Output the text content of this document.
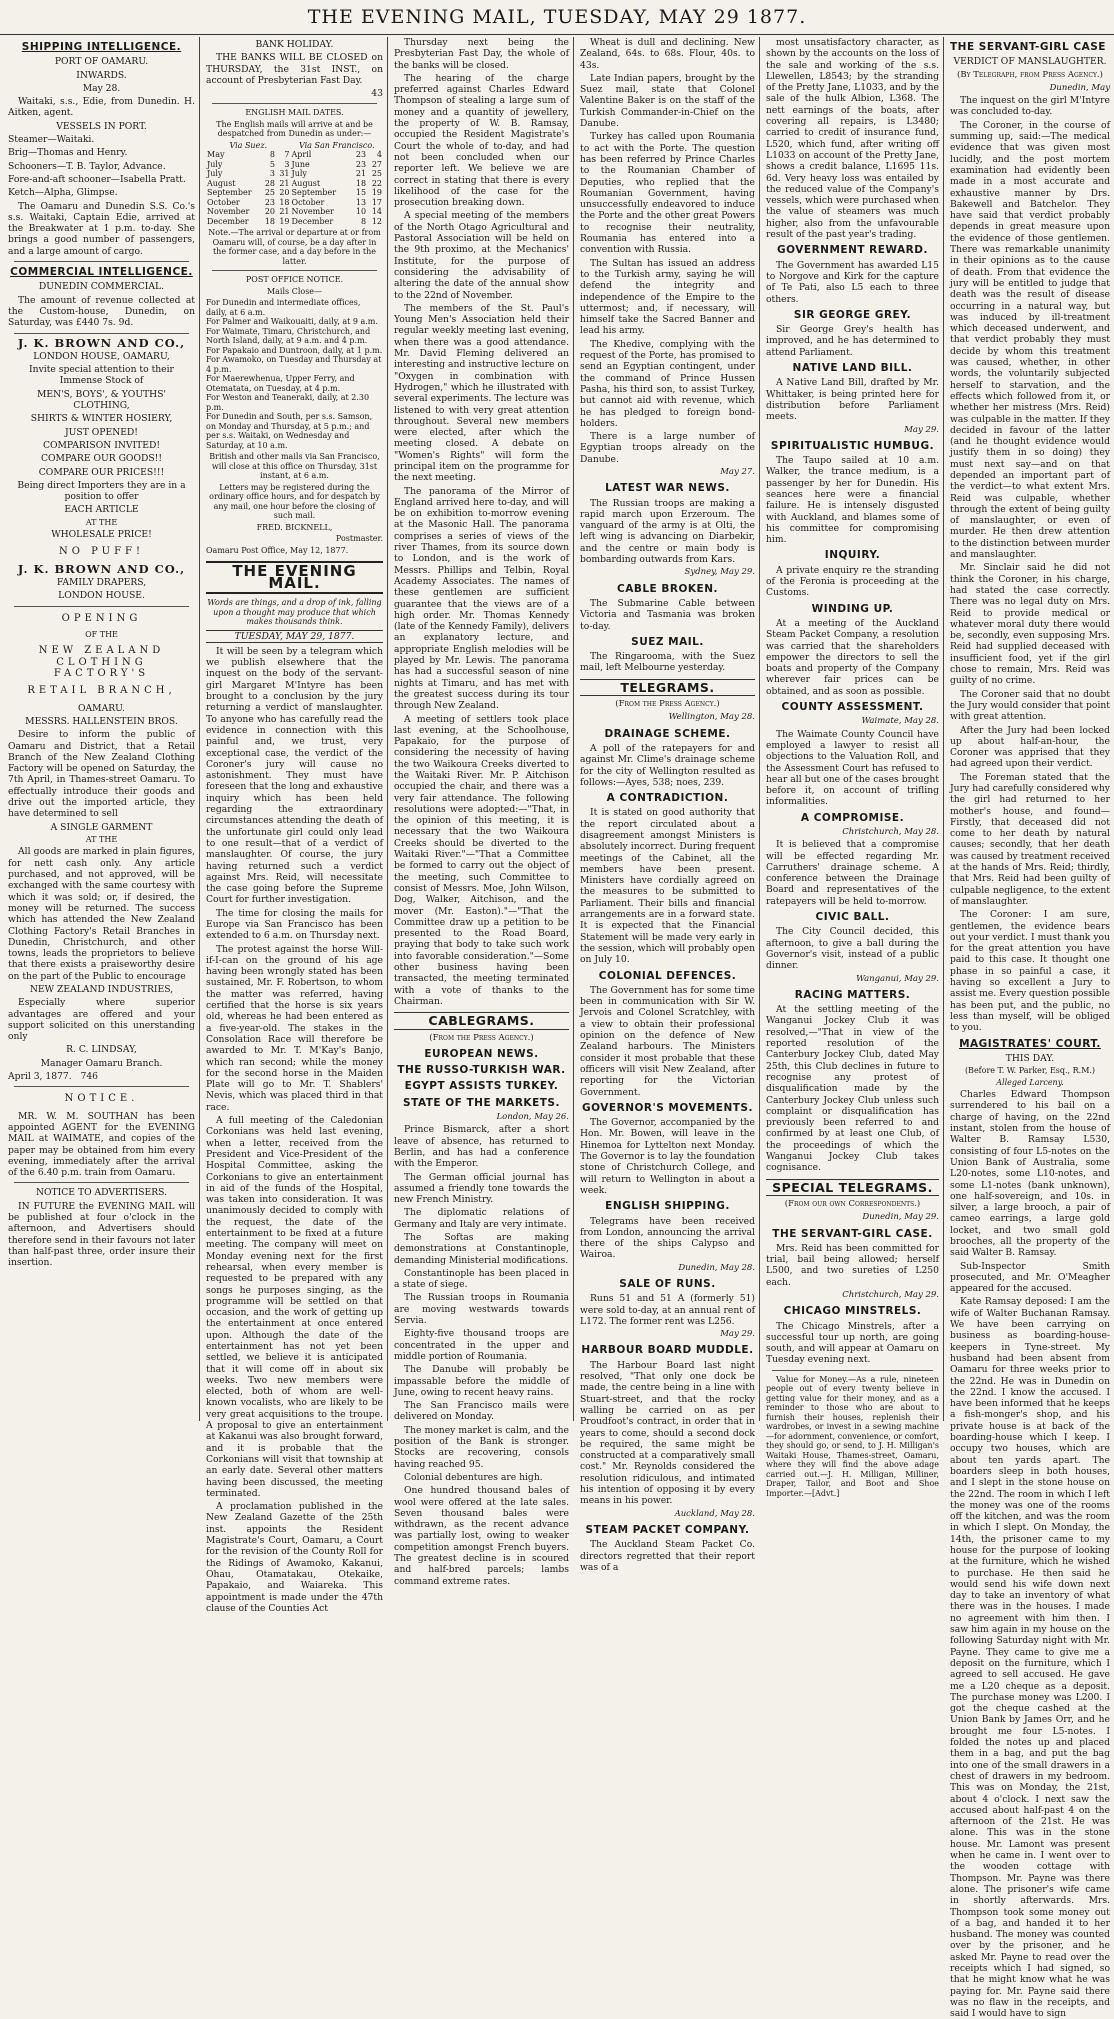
THE EVENING MAIL, TUESDAY, MAY 29 1877.
SHIPPING INTELLIGENCE.
PORT OF OAMARU.
INWARDS.
May 28.

Waitaki, s.s., Edie, from Dunedin. H. Aitken, agent.

VESSELS IN PORT.
Steamer—Waitaki.
Brig—Thomas and Henry.
Schooners—T. B. Taylor, Advance.
Fore-and-aft schooner—Isabella Pratt.
Ketch—Alpha, Glimpse.

The Oamaru and Dunedin S.S. Co.'s s.s. Waitaki, Captain Edie, arrived at the Breakwater at 1 p.m. to-day. She brings a good number of passengers, and a large amount of cargo.

COMMERCIAL INTELLIGENCE.
DUNEDIN COMMERCIAL.

The amount of revenue collected at the Custom-house, Dunedin, on Saturday, was £440 7s. 9d.

J. K. BROWN AND CO.,
LONDON HOUSE, OAMARU,
Invite special attention to their Immense Stock of
MEN'S, BOYS', & YOUTHS' CLOTHING,
SHIRTS & WINTER HOSIERY,
JUST OPENED!
COMPARISON INVITED!
COMPARE OUR GOODS!!
COMPARE OUR PRICES!!!
Being direct Importers they are in a position to offer
EACH ARTICLE
AT THE
WHOLESALE PRICE!
NO PUFF!
J. K. BROWN AND CO.,
FAMILY DRAPERS,
LONDON HOUSE.
OPENING
OF THE
NEW ZEALAND CLOTHING FACTORY'S
RETAIL BRANCH,
OAMARU.
MESSRS. HALLENSTEIN BROS.

Desire to inform the public of Oamaru and District, that a Retail Branch of the New Zealand Clothing Factory will be opened on Saturday, the 7th April, in Thames-street Oamaru. To effectually introduce their goods and drive out the imported article, they have determined to sell

A SINGLE GARMENT
AT THE

All goods are marked in plain figures, for nett cash only. Any article purchased, and not approved, will be exchanged with the same courtesy with which it was sold; or, if desired, the money will be returned. The success which has attended the New Zealand Clothing Factory's Retail Branches in Dunedin, Christchurch, and other towns, leads the proprietors to believe that there exists a praiseworthy desire on the part of the Public to encourage

NEW ZEALAND INDUSTRIES,

Especially where superior advantages are offered and your support solicited on this unerstanding only

R. C. LINDSAY,
Manager Oamaru Branch.
April 3, 1877. 746
NOTICE.

MR. W. M. SOUTHAN has been appointed AGENT for the EVENING MAIL at WAIMATE, and copies of the paper may be obtained from him every evening, immediately after the arrival of the 6.40 p.m. train from Oamaru.

NOTICE TO ADVERTISERS.

IN FUTURE the EVENING MAIL will be published at four o'clock in the afternoon, and Advertisers should therefore send in their favours not later than half-past three, order insure their insertion.

BANK HOLIDAY.

THE BANKS WILL BE CLOSED on THURSDAY, the 31st INST., on account of Presbyterian Fast Day.

43
ENGLISH MAIL DATES.
The English mails will arrive at and be despatched from Dunedin as under:—
Via Suez.			Via San Francisco.		
May	8	7	April	23	4
July	5	3	June	23	27
July	3	31	July	21	25
August	28	21	August	18	22
September	25	20	September	15	19
October	23	18	October	13	17
November	20	21	November	10	14
December	18	19	December	8	12
Note.—The arrival or departure at or from Oamaru will, of course, be a day after in the former case, and a day before in the latter.
POST OFFICE NOTICE.
Mails Close—
For Dunedin and intermediate offices, daily, at 6 a.m.
For Palmer and Waikouaiti, daily, at 9 a.m.
For Waimate, Timaru, Christchurch, and North Island, daily, at 9 a.m. and 4 p.m.
For Papakaio and Duntroon, daily, at 1 p.m.
For Awamoko, on Tuesday and Thursday at 4 p.m.
For Maerewhenua, Upper Ferry, and Otematata, on Tuesday, at 4 p.m.
For Weston and Teaneraki, daily, at 2.30 p.m.
For Dunedin and South, per s.s. Samson, on Monday and Thursday, at 5 p.m.; and per s.s. Waitaki, on Wednesday and Saturday, at 10 a.m.
British and other mails via San Francisco, will close at this office on Thursday, 31st instant, at 6 a.m.
Letters may be registered during the ordinary office hours, and for despatch by any mail, one hour before the closing of such mail.
FRED. BICKNELL,
Postmaster.
Oamaru Post Office, May 12, 1877.
THE EVENING MAIL.
Words are things, and a drop of ink, falling upon a thought may produce that which makes thousands think.
TUESDAY, MAY 29, 1877.

It will be seen by a telegram which we publish elsewhere that the inquest on the body of the servant-girl Margaret M'Intyre has been brought to a conclusion by the jury returning a verdict of manslaughter. To anyone who has carefully read the evidence in connection with this painful and, we trust, very exceptional case, the verdict of the Coroner's jury will cause no astonishment. They must have foreseen that the long and exhaustive inquiry which has been held regarding the extraordinary circumstances attending the death of the unfortunate girl could only lead to one result—that of a verdict of manslaughter. Of course, the jury having returned such a verdict against Mrs. Reid, will necessitate the case going before the Supreme Court for further investigation.

The time for closing the mails for Europe via San Francisco has been extended to 6 a.m. on Thursday next.

The protest against the horse Will-if-I-can on the ground of his age having been wrongly stated has been sustained, Mr. F. Robertson, to whom the matter was referred, having certified that the horse is six years old, whereas he had been entered as a five-year-old. The stakes in the Consolation Race will therefore be awarded to Mr. T. M'Kay's Banjo, which ran second; while the money for the second horse in the Maiden Plate will go to Mr. T. Shablers' Nevis, which was placed third in that race.

A full meeting of the Caledonian Corkonians was held last evening, when a letter, received from the President and Vice-President of the Hospital Committee, asking the Corkonians to give an entertainment in aid of the funds of the Hospital, was taken into consideration. It was unanimously decided to comply with the request, the date of the entertainment to be fixed at a future meeting. The company will meet on Monday evening next for the first rehearsal, when every member is requested to be prepared with any songs he purposes singing, as the programme will be settled on that occasion, and the work of getting up the entertainment at once entered upon. Although the date of the entertainment has not yet been settled, we believe it is anticipated that it will come off in about six weeks. Two new members were elected, both of whom are well-known vocalists, who are likely to be very great acquisitions to the troupe. A proposal to give an entertainment at Kakanui was also brought forward, and it is probable that the Corkonians will visit that township at an early date. Several other matters having been discussed, the meeting terminated.

A proclamation published in the New Zealand Gazette of the 25th inst. appoints the Resident Magistrate's Court, Oamaru, a Court for the revision of the County Roll for the Ridings of Awamoko, Kakanui, Ohau, Otamatakau, Otekaike, Papakaio, and Waiareka. This appointment is made under the 47th clause of the Counties Act

Thursday next being the Presbyterian Fast Day, the whole of the banks will be closed.

The hearing of the charge preferred against Charles Edward Thompson of stealing a large sum of money and a quantity of jewellery, the property of W. B. Ramsay, occupied the Resident Magistrate's Court the whole of to-day, and had not been concluded when our reporter left. We believe we are correct in stating that there is every likelihood of the case for the prosecution breaking down.

A special meeting of the members of the North Otago Agricultural and Pastoral Association will be held on the 9th proximo, at the Mechanics' Institute, for the purpose of considering the advisability of altering the date of the annual show to the 22nd of November.

The members of the St. Paul's Young Men's Association held their regular weekly meeting last evening, when there was a good attendance. Mr. David Fleming delivered an interesting and instructive lecture on "Oxygen in combination with Hydrogen," which he illustrated with several experiments. The lecture was listened to with very great attention throughout. Several new members were elected, after which the meeting closed. A debate on "Women's Rights" will form the principal item on the programme for the next meeting.

The panorama of the Mirror of England arrived here to-day, and will be on exhibition to-morrow evening at the Masonic Hall. The panorama comprises a series of views of the river Thames, from its source down to London, and is the work of Messrs. Phillips and Telbin, Royal Academy Associates. The names of these gentlemen are sufficient guarantee that the views are of a high order. Mr. Thomas Kennedy (late of the Kennedy Family), delivers an explanatory lecture, and appropriate English melodies will be played by Mr. Lewis. The panorama has had a successful season of nine nights at Timaru, and has met with the greatest success during its tour through New Zealand.

A meeting of settlers took place last evening, at the Schoolhouse, Papakaio, for the purpose of considering the necessity of having the two Waikoura Creeks diverted to the Waitaki River. Mr. P. Aitchison occupied the chair, and there was a very fair attendance. The following resolutions were adopted:—"That, in the opinion of this meeting, it is necessary that the two Waikoura Creeks should be diverted to the Waitaki River."—"That a Committee be formed to carry out the object of the meeting, such Committee to consist of Messrs. Moe, John Wilson, Dog, Walker, Aitchison, and the mover (Mr. Easton)."—"That the Committee draw up a petition to be presented to the Road Board, praying that body to take such work into favorable consideration."—Some other business having been transacted, the meeting terminated with a vote of thanks to the Chairman.

CABLEGRAMS.
(From the Press Agency.)
EUROPEAN NEWS.
THE RUSSO-TURKISH WAR.
EGYPT ASSISTS TURKEY.
STATE OF THE MARKETS.
London, May 26.

Prince Bismarck, after a short leave of absence, has returned to Berlin, and has had a conference with the Emperor.

The German official journal has assumed a friendly tone towards the new French Ministry.

The diplomatic relations of Germany and Italy are very intimate.

The Softas are making demonstrations at Constantinople, demanding Ministerial modifications.

Constantinople has been placed in a state of siege.

The Russian troops in Roumania are moving westwards towards Servia.

Eighty-five thousand troops are concentrated in the upper and middle portion of Roumania.

The Danube will probably be impassable before the middle of June, owing to recent heavy rains.

The San Francisco mails were delivered on Monday.

The money market is calm, and the position of the Bank is stronger. Stocks are recovering, consols having reached 95.

Colonial debentures are high.

One hundred thousand bales of wool were offered at the late sales. Seven thousand bales were withdrawn, as the recent advance was partially lost, owing to weaker competition amongst French buyers. The greatest decline is in scoured and half-bred parcels; lambs command extreme rates.

Wheat is dull and declining. New Zealand, 64s. to 68s. Flour, 40s. to 43s.

Late Indian papers, brought by the Suez mail, state that Colonel Valentine Baker is on the staff of the Turkish Commander-in-Chief on the Danube.

Turkey has called upon Roumania to act with the Porte. The question has been referred by Prince Charles to the Roumanian Chamber of Deputies, who replied that the Roumanian Government, having unsuccessfully endeavored to induce the Porte and the other great Powers to recognise their neutrality, Roumania has entered into a convention with Russia.

The Sultan has issued an address to the Turkish army, saying he will defend the integrity and independence of the Empire to the uttermost; and, if necessary, will himself take the Sacred Banner and lead his army.

The Khedive, complying with the request of the Porte, has promised to send an Egyptian contingent, under the command of Prince Hussen Pasha, his third son, to assist Turkey, but cannot aid with revenue, which he has pledged to foreign bond-holders.

There is a large number of Egyptian troops already on the Danube.

May 27.
LATEST WAR NEWS.

The Russian troops are making a rapid march upon Erzeroum. The vanguard of the army is at Olti, the left wing is advancing on Diarbekir, and the centre or main body is bombarding outwards from Kars.

Sydney, May 29.
CABLE BROKEN.

The Submarine Cable between Victoria and Tasmania was broken to-day.

SUEZ MAIL.

The Ringarooma, with the Suez mail, left Melbourne yesterday.

TELEGRAMS.
(From the Press Agency.)
Wellington, May 28.
DRAINAGE SCHEME.

A poll of the ratepayers for and against Mr. Clime's drainage scheme for the city of Wellington resulted as follows:—Ayes, 538; noes, 239.

A CONTRADICTION.

It is stated on good authority that the report circulated about a disagreement amongst Ministers is absolutely incorrect. During frequent meetings of the Cabinet, all the members have been present. Ministers have cordially agreed on the measures to be submitted to Parliament. Their bills and financial arrangements are in a forward state. It is expected that the Financial Statement will be made very early in the session, which will probably open on July 10.

COLONIAL DEFENCES.

The Government has for some time been in communication with Sir W. Jervois and Colonel Scratchley, with a view to obtain their professional opinion on the defence of New Zealand harbours. The Ministers consider it most probable that these officers will visit New Zealand, after reporting for the Victorian Government.

GOVERNOR'S MOVEMENTS.

The Governor, accompanied by the Hon. Mr. Bowen, will leave in the Hinemoa for Lyttelton next Monday. The Governor is to lay the foundation stone of Christchurch College, and will return to Wellington in about a week.

ENGLISH SHIPPING.

Telegrams have been received from London, announcing the arrival there of the ships Calypso and Wairoa.

Dunedin, May 28.
SALE OF RUNS.

Runs 51 and 51 A (formerly 51) were sold to-day, at an annual rent of L172. The former rent was L256.

May 29.
HARBOUR BOARD MUDDLE.

The Harbour Board last night resolved, "That only one dock be made, the centre being in a line with Stuart-street, and that the rocky walling be carried on as per Proudfoot's contract, in order that in years to come, should a second dock be required, the same might be constructed at a comparatively small cost." Mr. Reynolds considered the resolution ridiculous, and intimated his intention of opposing it by every means in his power.

Auckland, May 28.
STEAM PACKET COMPANY.

The Auckland Steam Packet Co. directors regretted that their report was of a

most unsatisfactory character, as shown by the accounts on the loss of the sale and working of the s.s. Llewellen, L8543; by the stranding of the Pretty Jane, L1033, and by the sale of the hulk Albion, L368. The nett earnings of the boats, after covering all repairs, is L3480; carried to credit of insurance fund, L520, which fund, after writing off L1033 on account of the Pretty Jane, shows a credit balance, L1695 11s. 6d. Very heavy loss was entailed by the reduced value of the Company's vessels, which were purchased when the value of steamers was much higher, also from the unfavourable result of the past year's trading.

GOVERNMENT REWARD.

The Government has awarded L15 to Norgove and Kirk for the capture of Te Pati, also L5 each to three others.

SIR GEORGE GREY.

Sir George Grey's health has improved, and he has determined to attend Parliament.

NATIVE LAND BILL.

A Native Land Bill, drafted by Mr. Whittaker, is being printed here for distribution before Parliament meets.

May 29.
SPIRITUALISTIC HUMBUG.

The Taupo sailed at 10 a.m. Walker, the trance medium, is a passenger by her for Dunedin. His seances here were a financial failure. He is intensely disgusted with Auckland, and blames some of his committee for compromising him.

INQUIRY.

A private enquiry re the stranding of the Feronia is proceeding at the Customs.

WINDING UP.

At a meeting of the Auckland Steam Packet Company, a resolution was carried that the shareholders empower the directors to sell the boats and property of the Company wherever fair prices can be obtained, and as soon as possible.

COUNTY ASSESSMENT.
Waimate, May 28.

The Waimate County Council have employed a lawyer to resist all objections to the Valuation Roll, and the Assessment Court has refused to hear all but one of the cases brought before it, on account of trifling informalities.

A COMPROMISE.
Christchurch, May 28.

It is believed that a compromise will be effected regarding Mr. Carruthers' drainage scheme. A conference between the Drainage Board and representatives of the ratepayers will be held to-morrow.

CIVIC BALL.

The City Council decided, this afternoon, to give a ball during the Governor's visit, instead of a public dinner.

Wanganui, May 29.
RACING MATTERS.

At the settling meeting of the Wanganui Jockey Club it was resolved,—"That in view of the reported resolution of the Canterbury Jockey Club, dated May 25th, this Club declines in future to recognise any protest of disqualification made by the Canterbury Jockey Club unless such complaint or disqualification has previously been referred to and confirmed by at least one Club, of the proceedings of which the Wanganui Jockey Club takes cognisance.

SPECIAL TELEGRAMS.
(From our own Correspondents.)
Dunedin, May 29.
THE SERVANT-GIRL CASE.

Mrs. Reid has been committed for trial, bail being allowed; herself L500, and two sureties of L250 each.

Christchurch, May 29.
CHICAGO MINSTRELS.

The Chicago Minstrels, after a successful tour up north, are going south, and will appear at Oamaru on Tuesday evening next.

Value for Money.—As a rule, nineteen people out of every twenty believe in getting value for their money, and as a reminder to those who are about to furnish their houses, replenish their wardrobes, or invest in a sewing machine—for adornment, convenience, or comfort, they should go, or send, to J. H. Milligan's Waitaki House, Thames-street, Oamaru, where they will find the above adage carried out.—J. H. Milligan, Milliner, Draper, Tailor, and Boot and Shoe Importer.—[Advt.]

THE SERVANT-GIRL CASE
VERDICT OF MANSLAUGHTER.
(By Telegraph, from Press Agency.)
Dunedin, May

The inquest on the girl M'Intyre was concluded to-day.

The Coroner, in the course of summing up, said:—The medical evidence that was given most lucidly, and the post mortem examination had evidently been made in a most accurate and exhaustive manner by Drs. Bakewell and Batchelor. They have said that verdict probably depends in great measure upon the evidence of those gentlemen. There was remarkable unanimity in their opinions as to the cause of death. From that evidence the jury will be entitled to judge that death was the result of disease occurring in a natural way, but was induced by ill-treatment which deceased underwent, and that verdict probably they must decide by whom this treatment was caused, whether, in other words, the voluntarily subjected herself to starvation, and the effects which followed from it, or whether her mistress (Mrs. Reid) was culpable in the matter. If they decided in favour of the latter (and he thought evidence would justify them in so doing) they must next say—and on that depended an important part of the verdict—to what extent Mrs. Reid was culpable, whether through the extent of being guilty of manslaughter, or even of murder. He then drew attention to the distinction between murder and manslaughter.

Mr. Sinclair said he did not think the Coroner, in his charge, had stated the case correctly. There was no legal duty on Mrs. Reid to provide medical or whatever moral duty there would be, secondly, even supposing Mrs. Reid had supplied deceased with insufficient food, yet if the girl chose to remain, Mrs. Reid was guilty of no crime.

The Coroner said that no doubt the Jury would consider that point with great attention.

After the Jury had been locked up about half-an-hour, the Coroner was apprised that they had agreed upon their verdict.

The Foreman stated that the Jury had carefully considered why the girl had returned to her mother's house, and found—Firstly, that deceased did not come to her death by natural causes; secondly, that her death was caused by treatment received at the hands of Mrs. Reid; thirdly, that Mrs. Reid had been guilty of culpable negligence, to the extent of manslaughter.

The Coroner: I am sure, gentlemen, the evidence bears out your verdict. I must thank you for the great attention you have paid to this case. It thought one phase in so painful a case, it having so excellent a Jury to assist me. Every question possible has been put, and the public, no less than myself, will be obliged to you.

MAGISTRATES' COURT.
THIS DAY.
(Before T. W. Parker, Esq., R.M.)
Alleged Larceny.

Charles Edward Thompson surrendered to his bail on a charge of having, on the 22nd instant, stolen from the house of Walter B. Ramsay L530, consisting of four L5-notes on the Union Bank of Australia, some L20-notes, some L10-notes, and some L1-notes (bank unknown), one half-sovereign, and 10s. in silver, a large brooch, a pair of cameo earrings, a large gold locket, and two small gold brooches, all the property of the said Walter B. Ramsay.

Sub-Inspector Smith prosecuted, and Mr. O'Meagher appeared for the accused.

Kate Ramsay deposed: I am the wife of Walter Buchanan Ramsay. We have been carrying on business as boarding-house-keepers in Tyne-street. My husband had been absent from Oamaru for three weeks prior to the 22nd. He was in Dunedin on the 22nd. I know the accused. I have been informed that he keeps a fish-monger's shop, and his private house is at back of the boarding-house which I keep. I occupy two houses, which are about ten yards apart. The boarders sleep in both houses, and I slept in the stone house on the 22nd. The room in which I left the money was one of the rooms off the kitchen, and was the room in which I slept. On Monday, the 14th, the prisoner came to my house for the purpose of looking at the furniture, which he wished to purchase. He then said he would send his wife down next day to take an inventory of what there was in the houses. I made no agreement with him then. I saw him again in my house on the following Saturday night with Mr. Payne. They came to give me a deposit on the furniture, which I agreed to sell accused. He gave me a L20 cheque as a deposit. The purchase money was L200. I got the cheque cashed at the Union Bank by James Orr, and he brought me four L5-notes. I folded the notes up and placed them in a bag, and put the bag into one of the small drawers in a chest of drawers in my bedroom. This was on Monday, the 21st, about 4 o'clock. I next saw the accused about half-past 4 on the afternoon of the 21st. He was alone. This was in the stone house. Mr. Lamont was present when he came in. I went over to the wooden cottage with Thompson. Mr. Payne was there alone. The prisoner's wife came in shortly afterwards. Mrs. Thompson took some money out of a bag, and handed it to her husband. The money was counted over by the prisoner, and he asked Mr. Payne to read over the receipts which I had signed, so that he might know what he was paying for. Mr. Payne said there was no flaw in the receipts, and said I would have to sign
